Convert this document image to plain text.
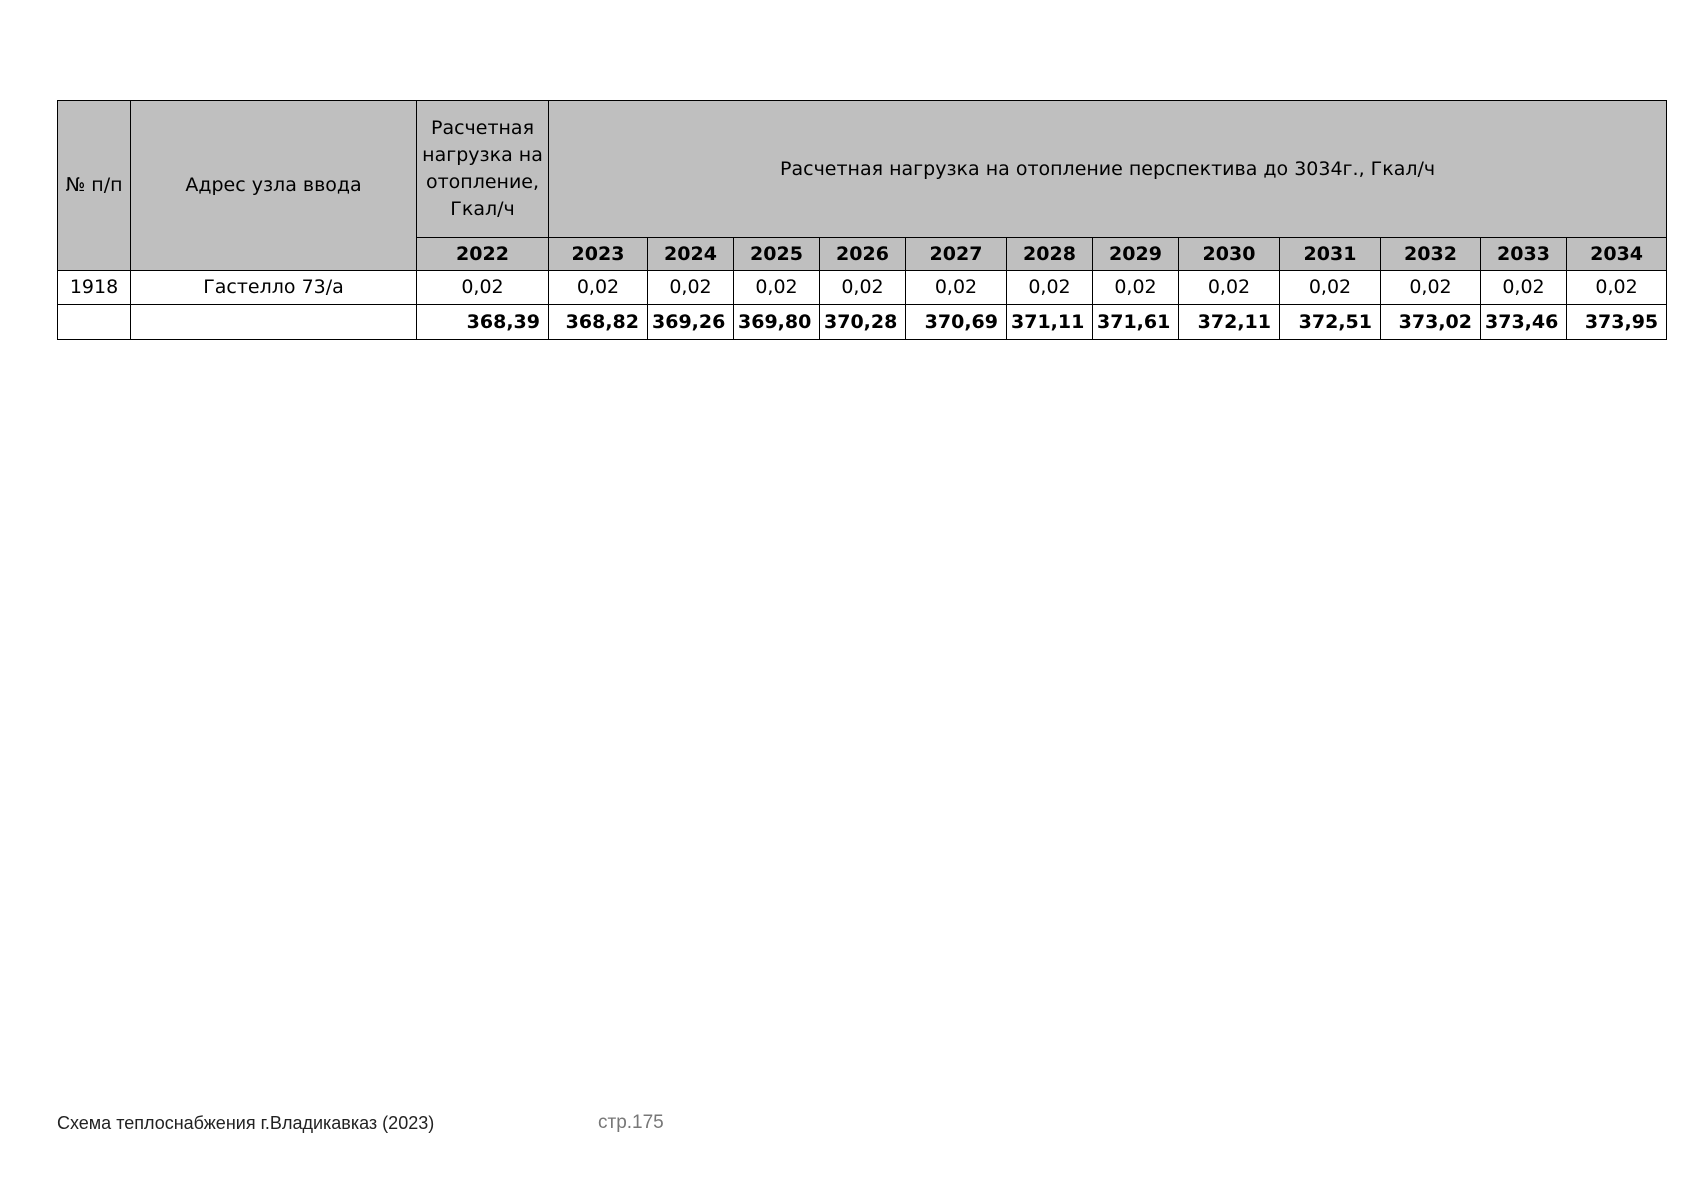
№ п/п	Адрес узла ввода	Расчетная нагрузка на отопление, Гкал/ч	Расчетная нагрузка на отопление перспектива до 3034г., Гкал/ч											
		2022	2023	2024	2025	2026	2027	2028	2029	2030	2031	2032	2033	2034
1918	Гастелло 73/а	0,02	0,02	0,02	0,02	0,02	0,02	0,02	0,02	0,02	0,02	0,02	0,02	0,02
		368,39	368,82	369,26	369,80	370,28	370,69	371,11	371,61	372,11	372,51	373,02	373,46	373,95
Схема теплоснабжения г.Владикавказ (2023)	стр.175
